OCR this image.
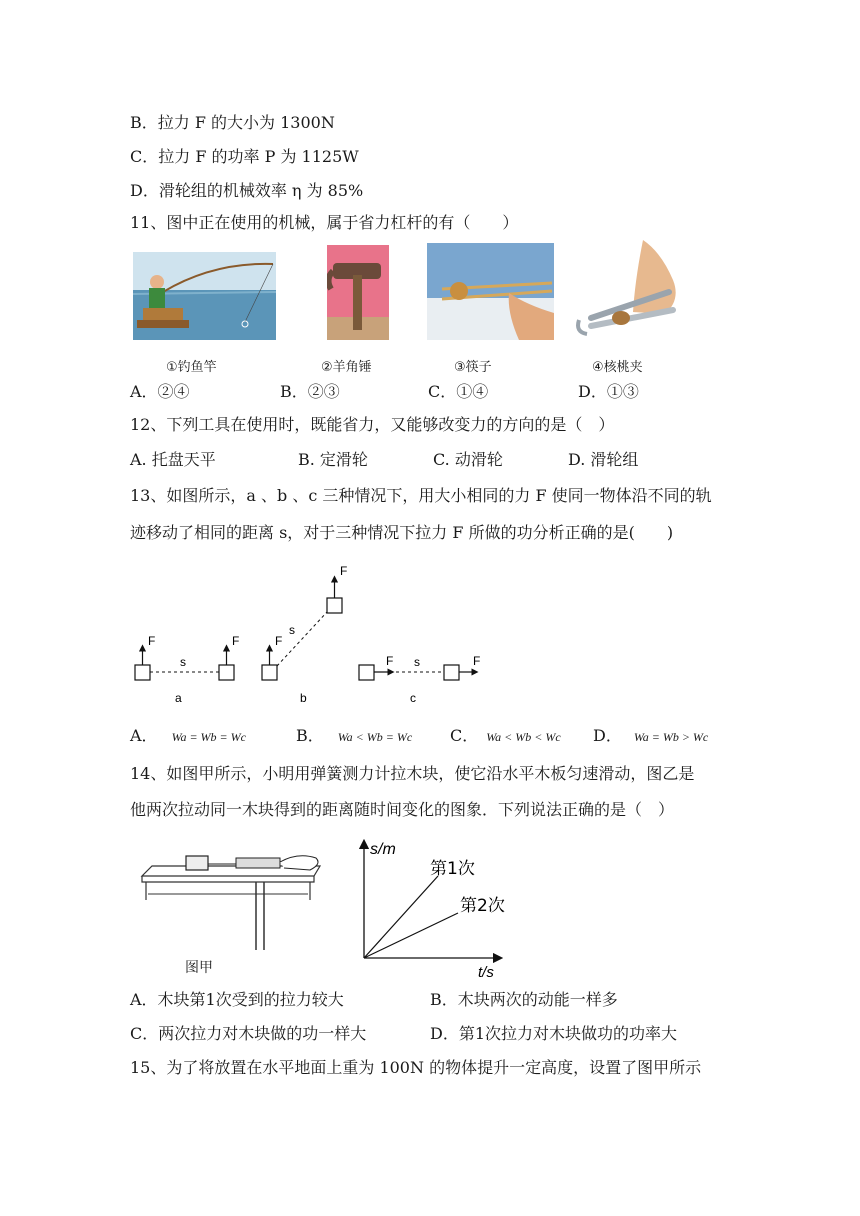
B．拉力 F 的大小为 1300N
C．拉力 F 的功率 P 为 1125W
D．滑轮组的机械效率 η 为 85%
11、图中正在使用的机械，属于省力杠杆的有（　　）
①钓鱼竿	②羊角锤	③筷子	④核桃夹
A．②④	B．②③	C．①④	D．①③
12、下列工具在使用时，既能省力，又能够改变力的方向的是（　）
A. 托盘天平	B. 定滑轮	C. 动滑轮	D. 滑轮组
13、如图所示，a 、b 、c 三种情况下，用大小相同的力 F 使同一物体沿不同的轨
迹移动了相同的距离 s，对于三种情况下拉力 F 所做的功分析正确的是(　　)
F
s
F
a
F
s
F
b
F s	F
c
A． Wa = Wb = Wc	B． Wa < Wb = Wc C． Wa < Wb < Wc D． Wa = Wb > Wc
14、如图甲所示，小明用弹簧测力计拉木块，使它沿水平木板匀速滑动，图乙是
他两次拉动同一木块得到的距离随时间变化的图象．下列说法正确的是（　）
图甲
s/m
t/s
第1次
第2次
A．木块第1次受到的拉力较大	B．木块两次的动能一样多
C．两次拉力对木块做的功一样大	D．第1次拉力对木块做功的功率大
15、为了将放置在水平地面上重为 100N 的物体提升一定高度，设置了图甲所示
